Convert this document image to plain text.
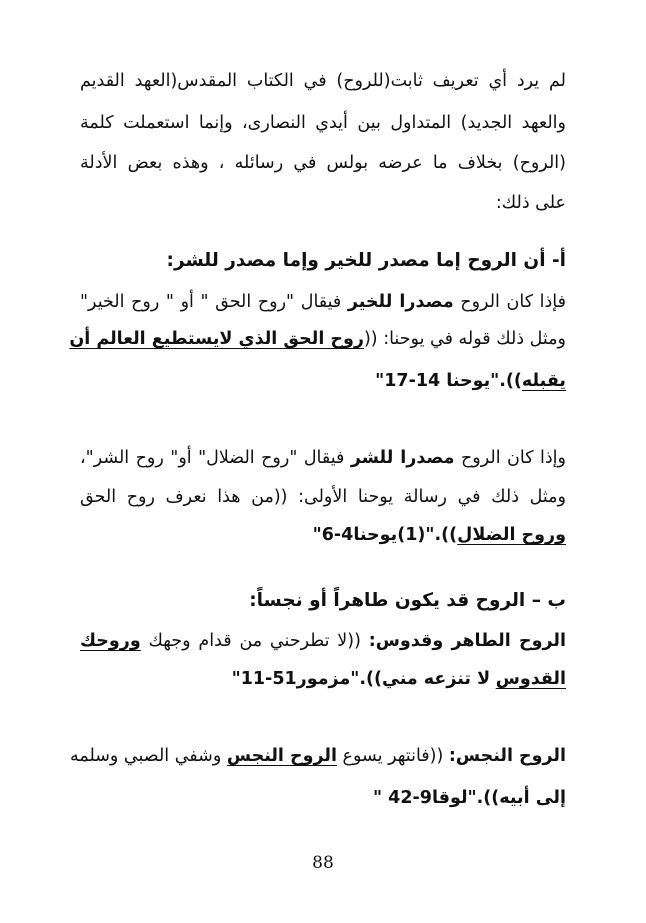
لم يرد أي تعريف ثابت(للروح) في الكتاب المقدس(العهد القديم
والعهد الجديد) المتداول بين أيدي النصارى، وإنما استعملت كلمة
(الروح) بخلاف ما عرضه بولس في رسائله ، وهذه بعض الأدلة
على ذلك:
أ- أن الروح إما مصدر للخير وإما مصدر للشر:
فإذا كان الروح مصدرا للخير فيقال "روح الحق " أو " روح الخير"
ومثل ذلك قوله في يوحنا: ((روح الحق الذي لايستطيع العالم أن
يقبله))."يوحنا 14-17"
وإذا كان الروح مصدرا للشر فيقال "روح الضلال" أو" روح الشر"،
ومثل ذلك في رسالة يوحنا الأولى: ((من هذا نعرف روح الحق
وروح الضلال))."(1)يوحنا4-6"
ب – الروح قد يكون طاهراً أو نجساً:
الروح الطاهر وقدوس: ((لا تطرحني من قدام وجهك وروحك
القدوس لا تنزعه مني))."مزمور51-11"
الروح النجس: ((فانتهر يسوع الروح النجس وشفي الصبي وسلمه
إلى أبيه))."لوقا9-42 "
88
